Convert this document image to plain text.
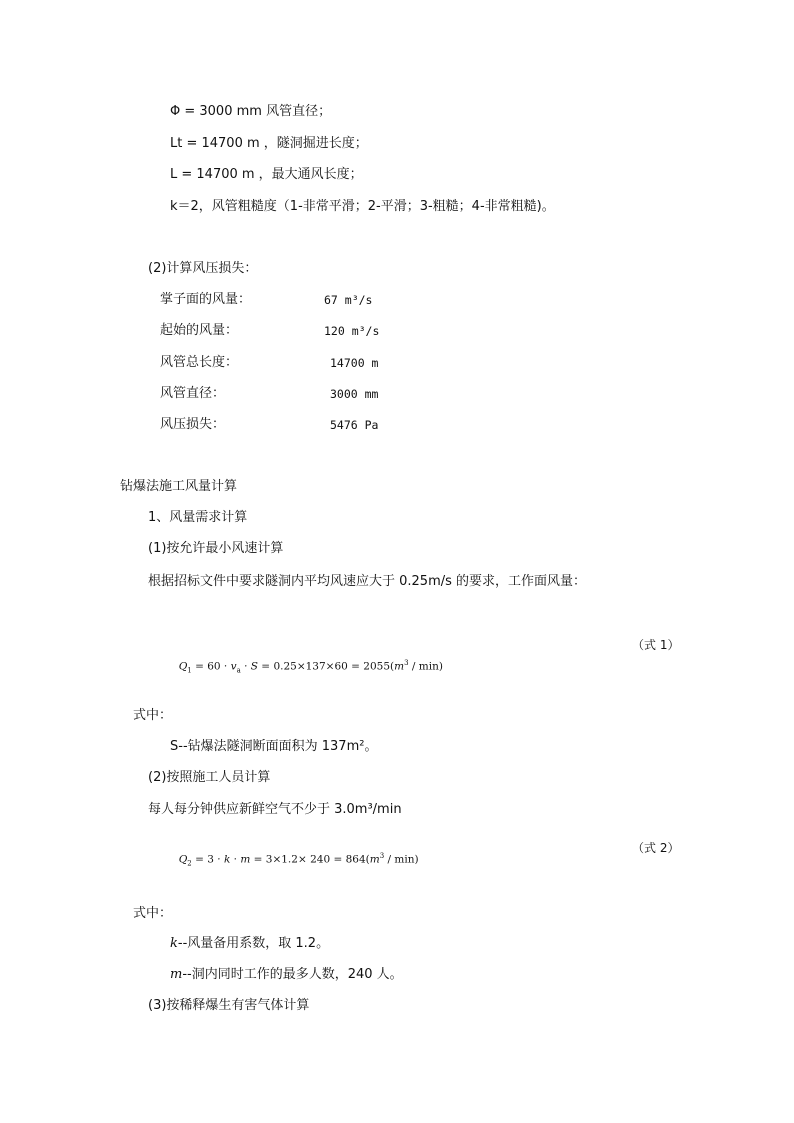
Φ = 3000 mm 风管直径；
Lt = 14700 m ，隧洞掘进长度；
L = 14700 m ，最大通风长度；
k＝2，风管粗糙度（1-非常平滑；2-平滑；3-粗糙；4-非常粗糙)。
(2)计算风压损失：
掌子面的风量：	67 m³/s
起始的风量：	120 m³/s
风管总长度：	14700 m
风管直径：	3000 mm
风压损失：	5476 Pa
钻爆法施工风量计算
1、风量需求计算
(1)按允许最小风速计算
根据招标文件中要求隧洞内平均风速应大于 0.25m/s 的要求，工作面风量：

$Q_1 = 60 \cdot v_a \cdot S = 0.25\times 137\times 60 = 2055(m^3 / \min)$

（式 1）
式中：
S--钻爆法隧洞断面面积为 137m²。
(2)按照施工人员计算
每人每分钟供应新鲜空气不少于 3.0m³/min

$Q_2 = 3 \cdot k \cdot m = 3\times 1.2\times 240 = 864(m^3 / \min)$

（式 2）
式中：
k--风量备用系数，取 1.2。
m--洞内同时工作的最多人数，240 人。
(3)按稀释爆生有害气体计算
